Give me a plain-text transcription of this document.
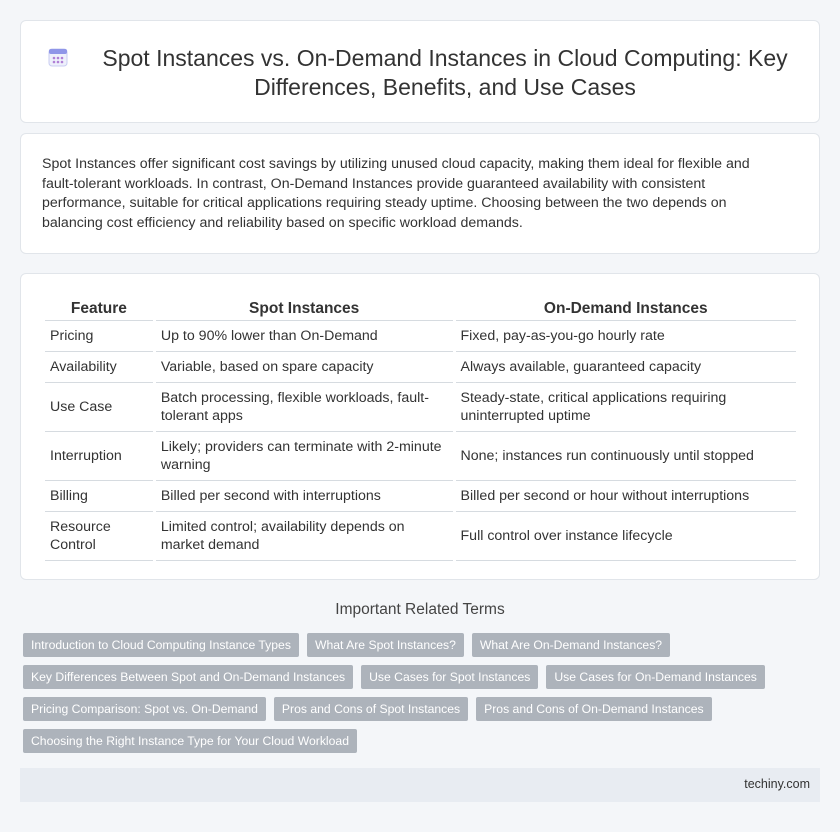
Spot Instances vs. On-Demand Instances in Cloud Computing: Key Differences, Benefits, and Use Cases

Spot Instances offer significant cost savings by utilizing unused cloud capacity, making them ideal for flexible and fault-tolerant workloads. In contrast, On-Demand Instances provide guaranteed availability with consistent performance, suitable for critical applications requiring steady uptime. Choosing between the two depends on balancing cost efficiency and reliability based on specific workload demands.

Feature	Spot Instances	On-Demand Instances
Pricing	Up to 90% lower than On-Demand	Fixed, pay-as-you-go hourly rate
Availability	Variable, based on spare capacity	Always available, guaranteed capacity
Use Case	Batch processing, flexible workloads, fault-tolerant apps	Steady-state, critical applications requiring uninterrupted uptime
Interruption	Likely; providers can terminate with 2-minute warning	None; instances run continuously until stopped
Billing	Billed per second with interruptions	Billed per second or hour without interruptions
Resource Control	Limited control; availability depends on market demand	Full control over instance lifecycle
Important Related Terms
Introduction to Cloud Computing Instance Types	What Are Spot Instances?	What Are On-Demand Instances?
Key Differences Between Spot and On-Demand Instances	Use Cases for Spot Instances	Use Cases for On-Demand Instances
Pricing Comparison: Spot vs. On-Demand	Pros and Cons of Spot Instances	Pros and Cons of On-Demand Instances
Choosing the Right Instance Type for Your Cloud Workload
techiny.com
